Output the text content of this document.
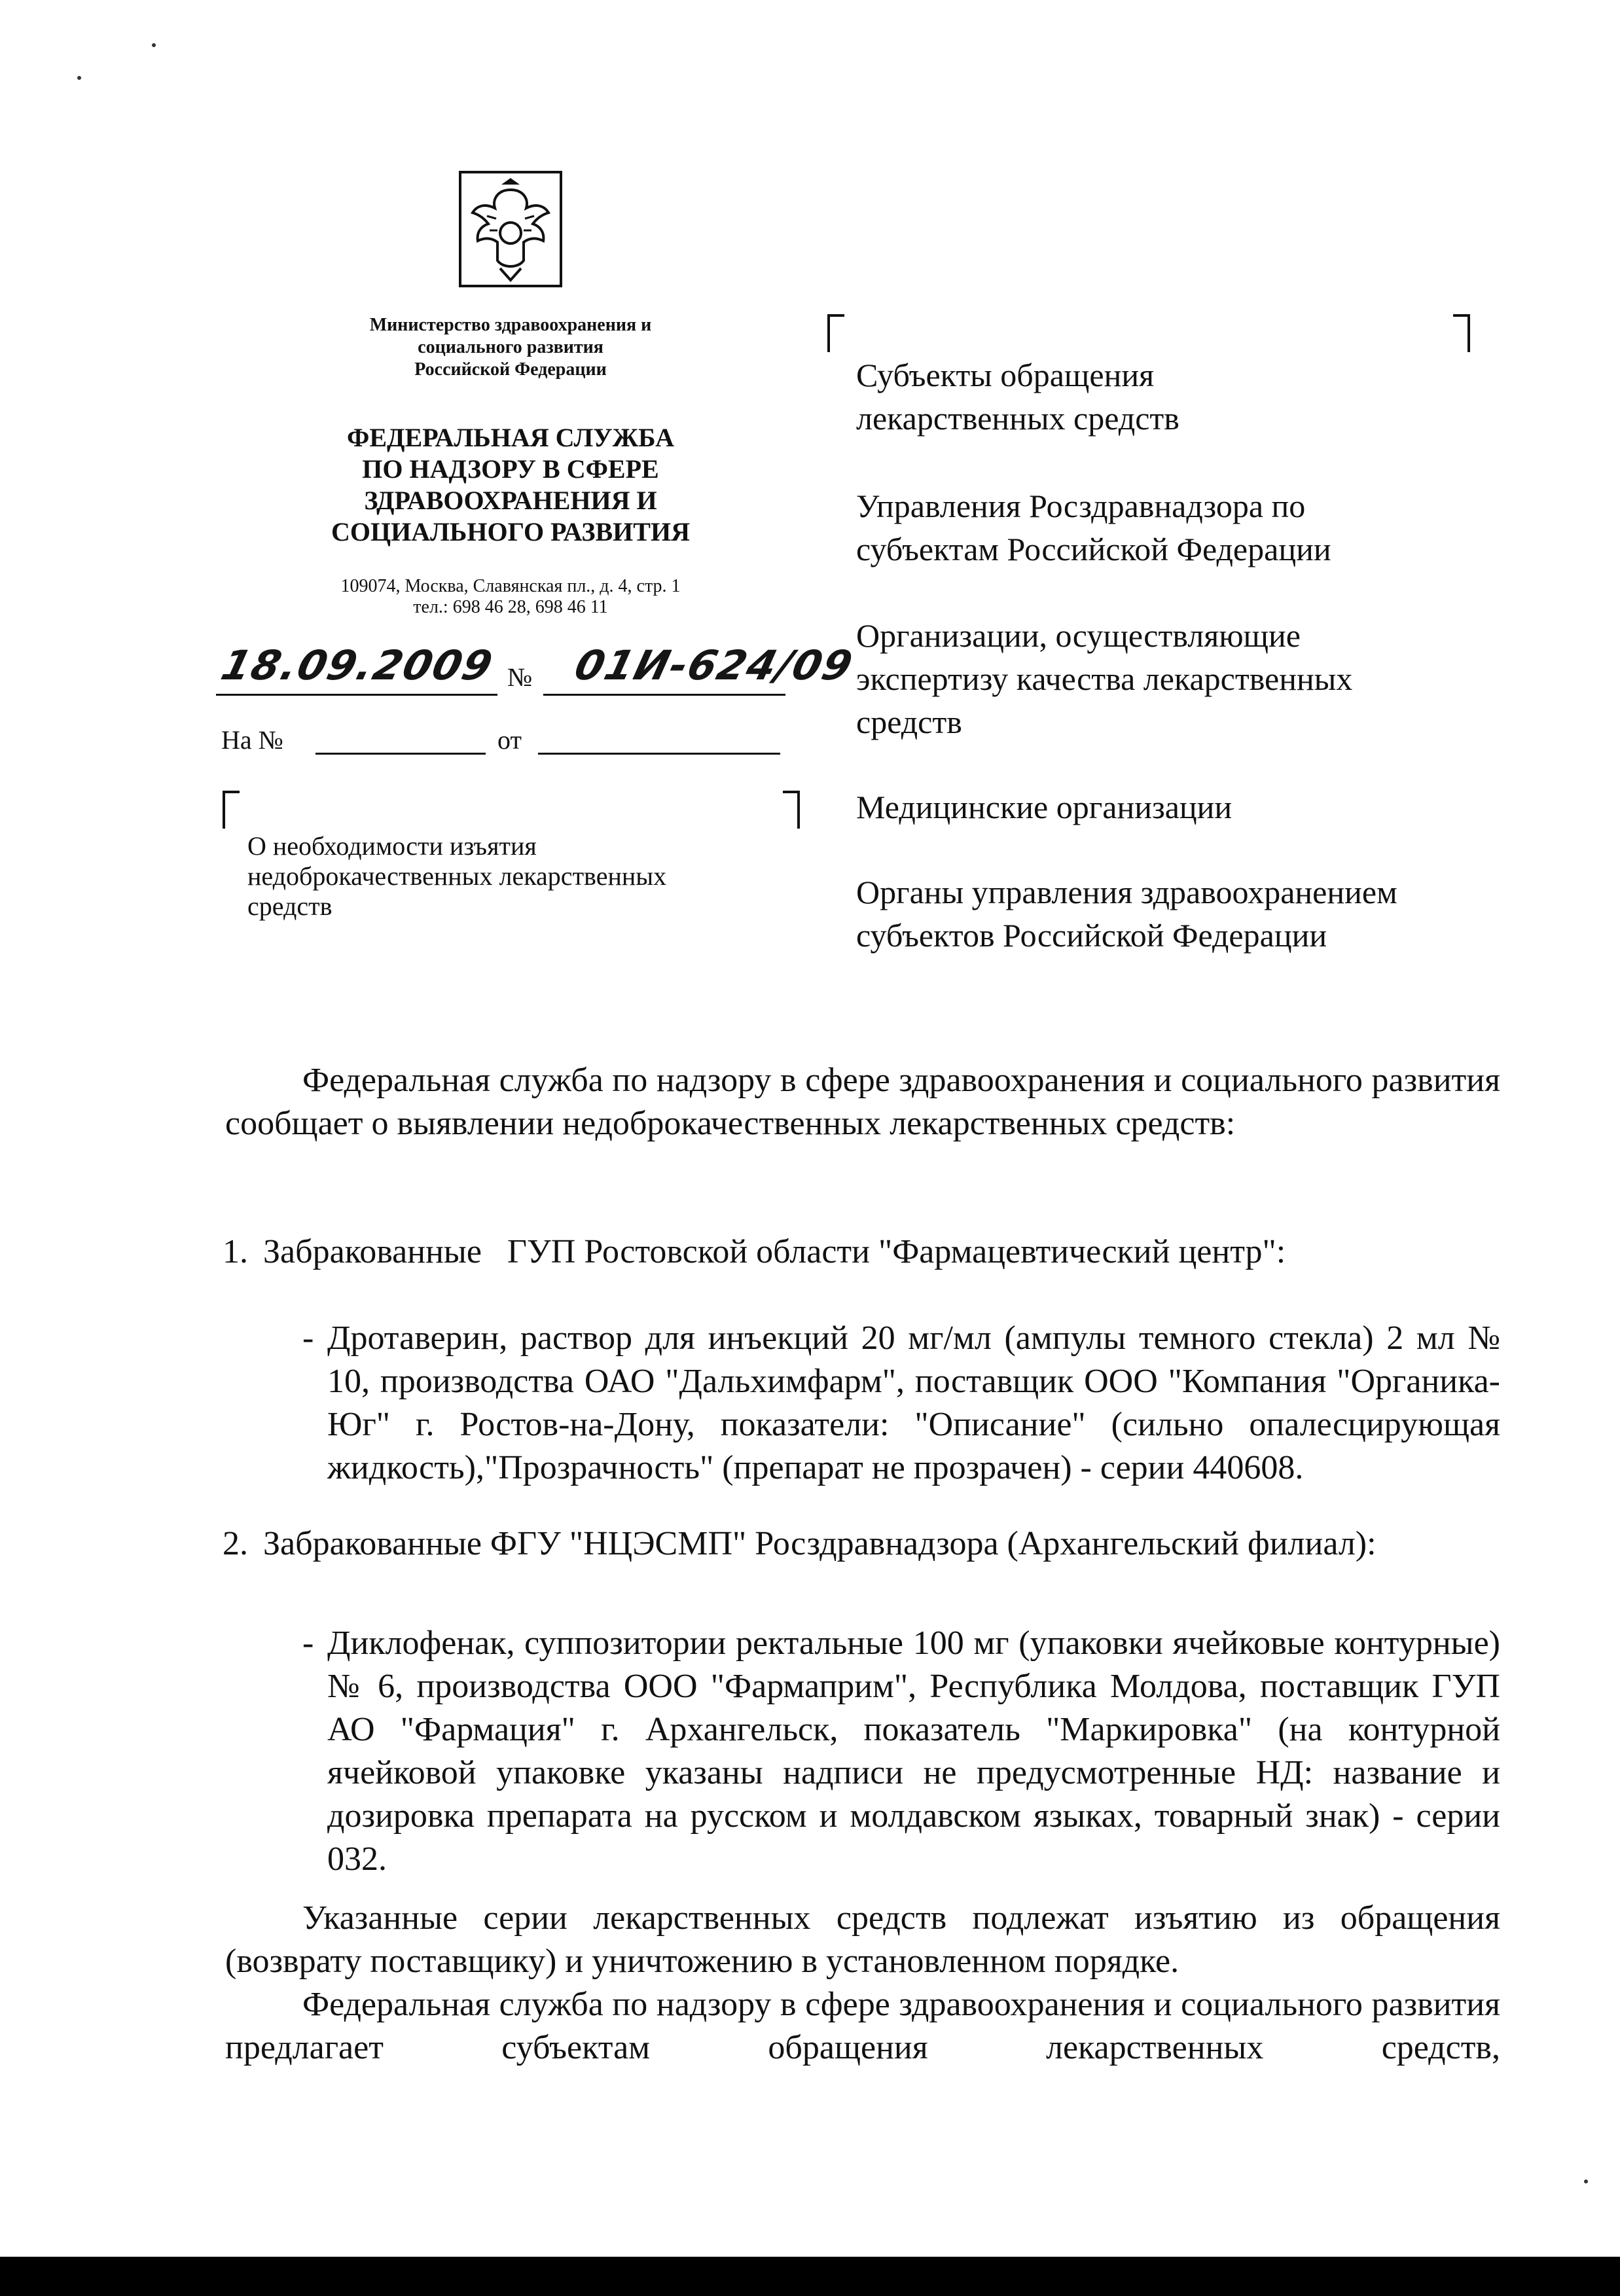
Министерство здравоохранения и
социального развития
Российской Федерации
ФЕДЕРАЛЬНАЯ СЛУЖБА
ПО НАДЗОРУ В СФЕРЕ
ЗДРАВООХРАНЕНИЯ И
СОЦИАЛЬНОГО РАЗВИТИЯ
109074, Москва, Славянская пл., д. 4, стр. 1
тел.: 698 46 28, 698 46 11
18.09.2009 № 01И-624/09
На №	от
О необходимости изъятия
недоброкачественных лекарственных
средств
Субъекты обращения
лекарственных средств
Управления Росздравнадзора по
субъектам Российской Федерации
Организации, осуществляющие
экспертизу качества лекарственных
средств
Медицинские организации
Органы управления здравоохранением
субъектов Российской Федерации
Федеральная служба по надзору в сфере здравоохранения и социального развития сообщает о выявлении недоброкачественных лекарственных средств:
1. Забракованные   ГУП Ростовской области "Фармацевтический центр":
- Дротаверин, раствор для инъекций 20 мг/мл (ампулы темного стекла) 2 мл № 10, производства ОАО "Дальхимфарм", поставщик ООО "Компания "Органика-Юг" г. Ростов-на-Дону, показатели: "Описание" (сильно опалесцирующая жидкость),"Прозрачность" (препарат не прозрачен) - серии 440608.
2. Забракованные ФГУ "НЦЭСМП" Росздравнадзора (Архангельский филиал):
- Диклофенак, суппозитории ректальные 100 мг (упаковки ячейковые контурные) № 6, производства ООО "Фармаприм", Республика Молдова, поставщик ГУП АО "Фармация" г. Архангельск, показатель "Маркировка" (на контурной ячейковой упаковке указаны надписи не предусмотренные НД: название и дозировка препарата на русском и молдавском языках, товарный знак) - серии 032.
Указанные серии лекарственных средств подлежат изъятию из обращения (возврату поставщику) и уничтожению в установленном порядке.
Федеральная служба по надзору в сфере здравоохранения и социального развития предлагает субъектам обращения лекарственных средств,
